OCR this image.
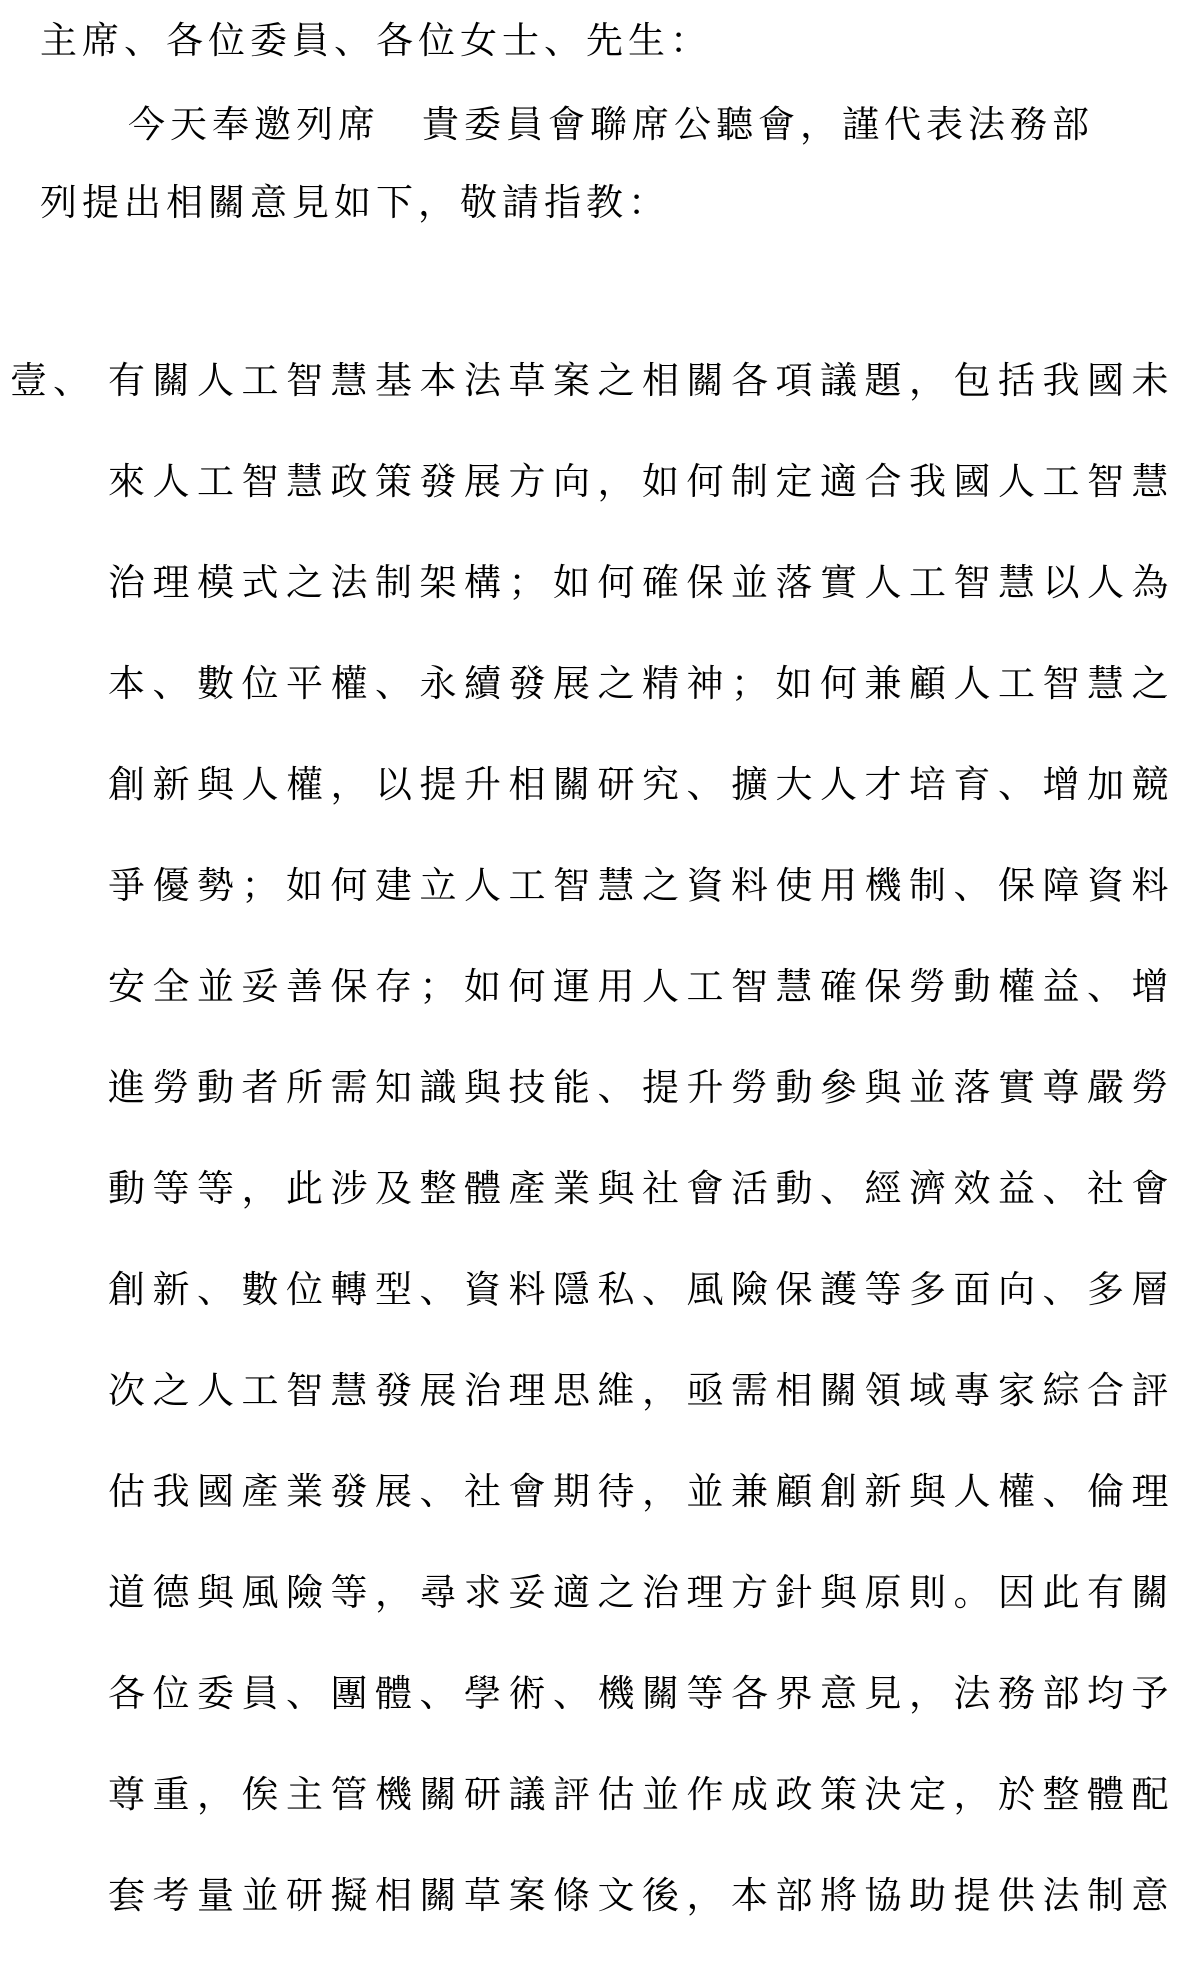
主席、各位委員、各位女士、先生：
今天奉邀列席　貴委員會聯席公聽會，謹代表法務部
列提出相關意見如下，敬請指教：
壹、 有關人工智慧基本法草案之相關各項議題，包括我國未
來人工智慧政策發展方向，如何制定適合我國人工智慧
治理模式之法制架構；如何確保並落實人工智慧以人為
本、數位平權、永續發展之精神；如何兼顧人工智慧之
創新與人權，以提升相關研究、擴大人才培育、增加競
爭優勢；如何建立人工智慧之資料使用機制、保障資料
安全並妥善保存；如何運用人工智慧確保勞動權益、增
進勞動者所需知識與技能、提升勞動參與並落實尊嚴勞
動等等，此涉及整體產業與社會活動、經濟效益、社會
創新、數位轉型、資料隱私、風險保護等多面向、多層
次之人工智慧發展治理思維，亟需相關領域專家綜合評
估我國產業發展、社會期待，並兼顧創新與人權、倫理
道德與風險等，尋求妥適之治理方針與原則。因此有關
各位委員、團體、學術、機關等各界意見，法務部均予
尊重，俟主管機關研議評估並作成政策決定，於整體配
套考量並研擬相關草案條文後，本部將協助提供法制意
